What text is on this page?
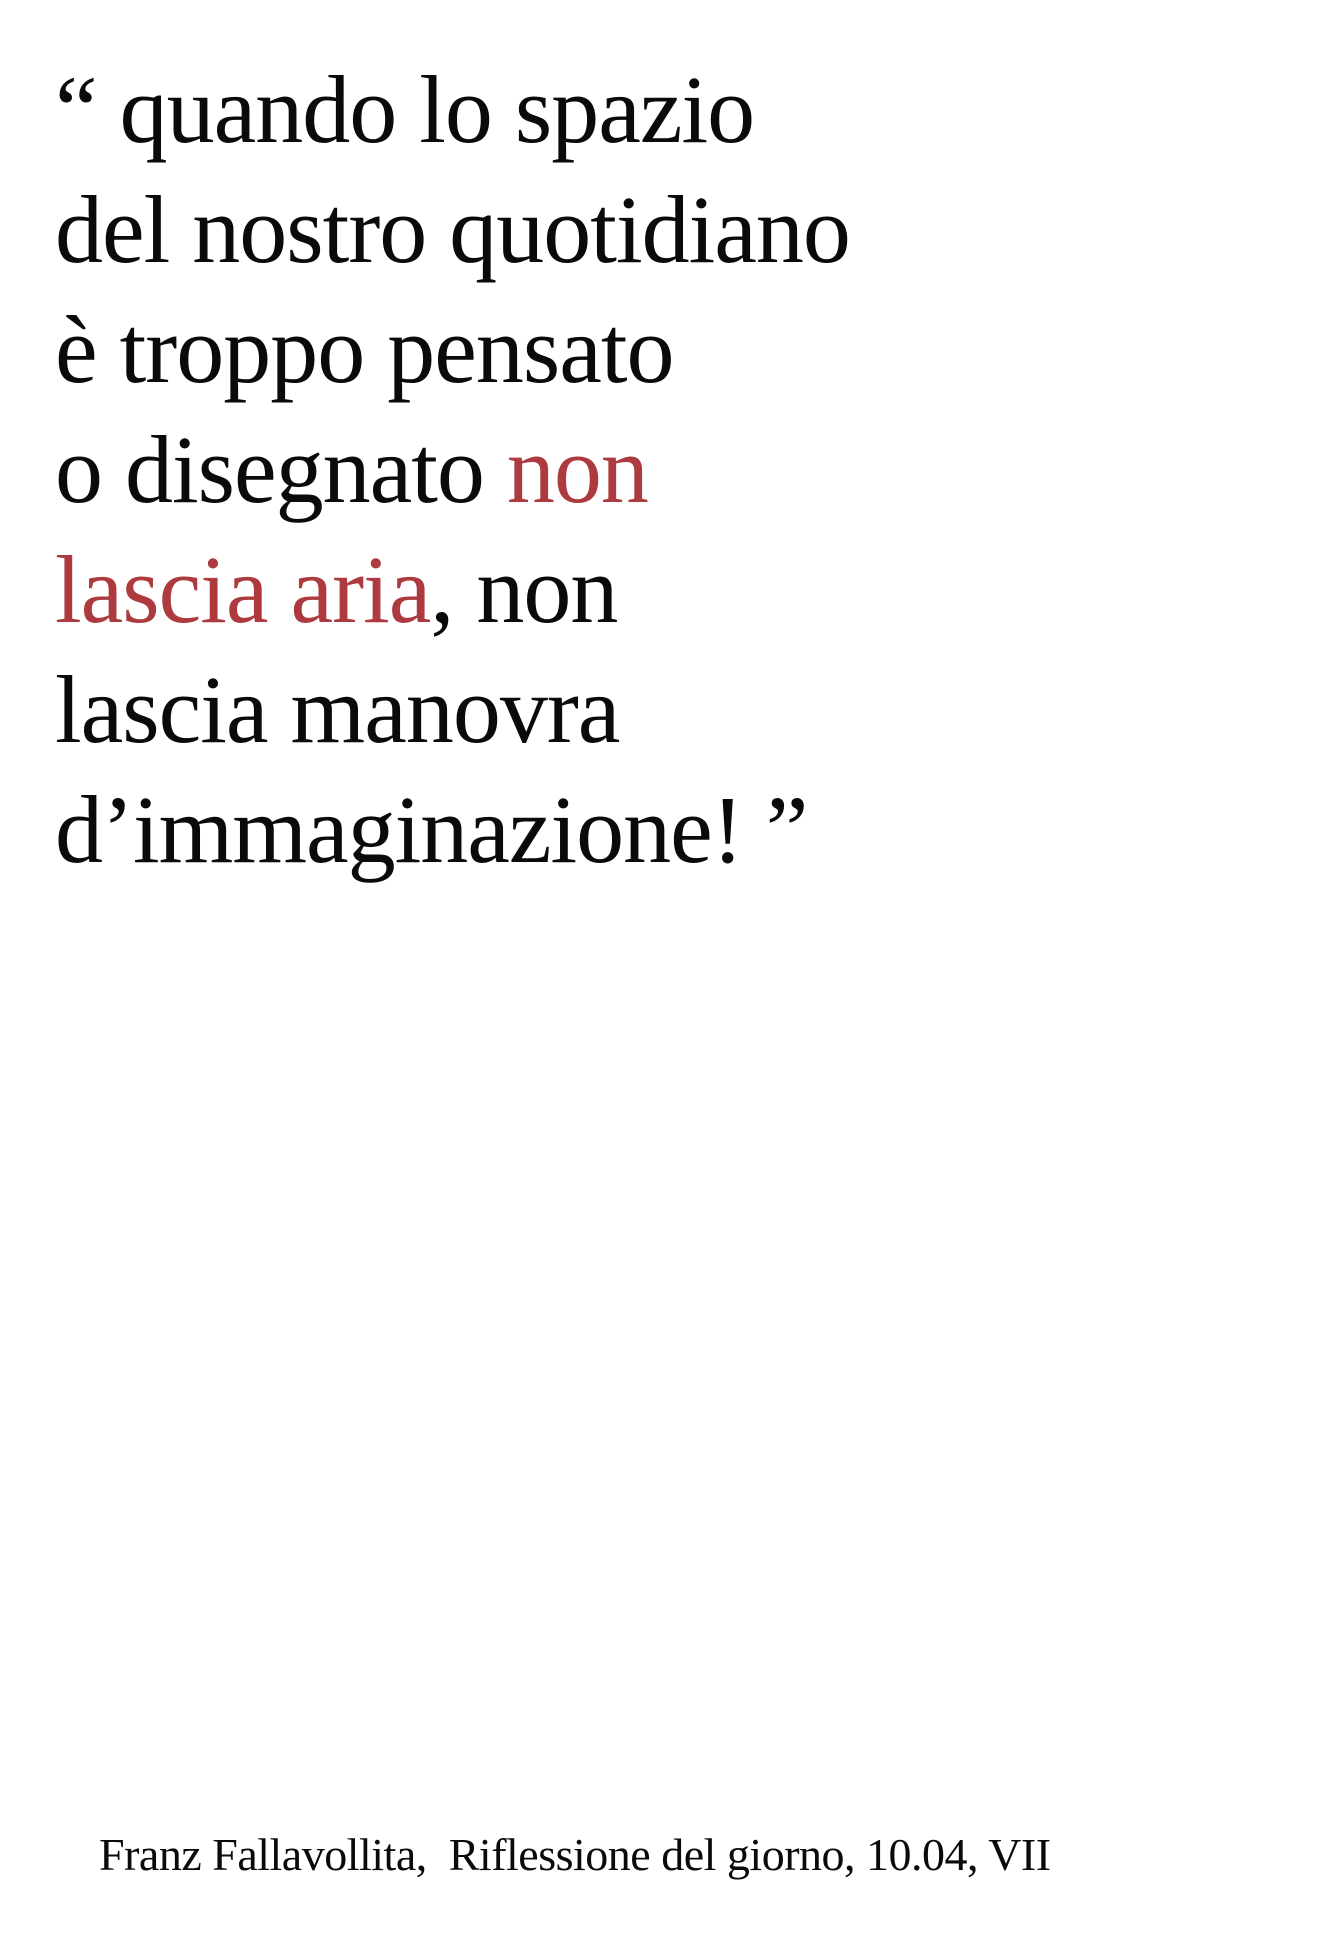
“ quando lo spazio
del nostro quotidiano
è troppo pensato
o disegnato non
lascia aria, non
lascia manovra
d’immaginazione! ”

Franz Fallavollita,  Riflessione del giorno, 10.04, VII
